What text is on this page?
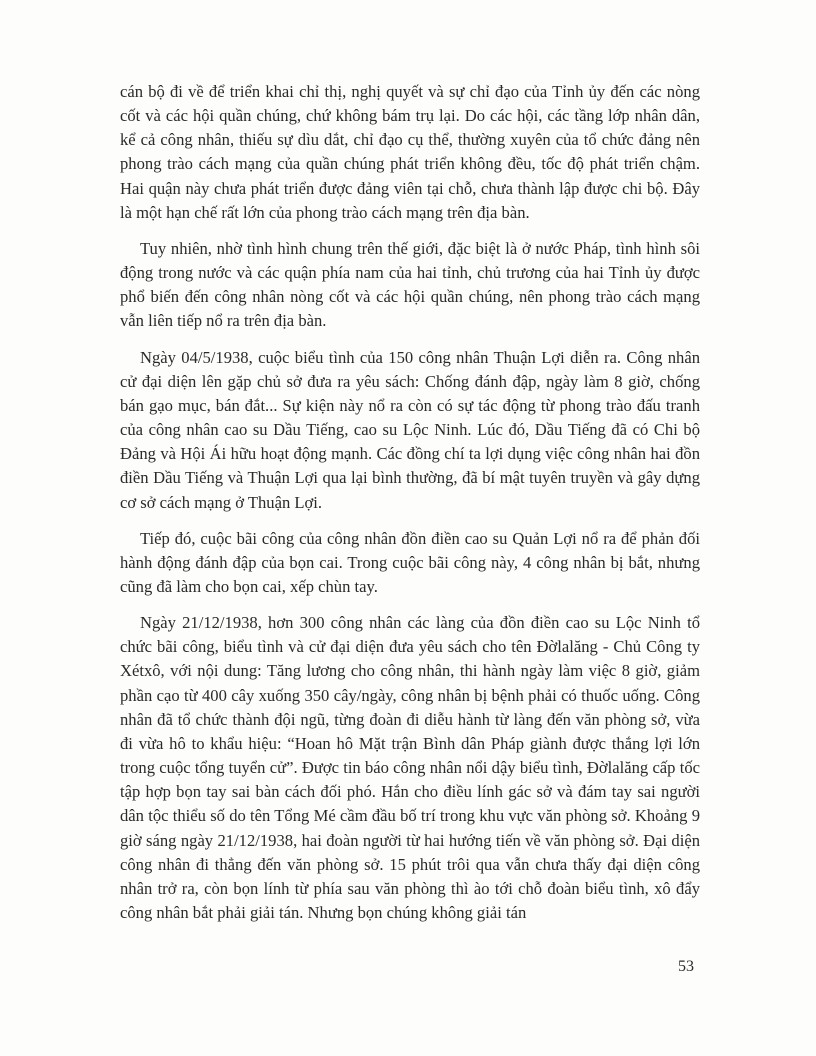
cán bộ đi về để triển khai chỉ thị, nghị quyết và sự chỉ đạo của Tỉnh ủy đến các nòng cốt và các hội quần chúng, chứ không bám trụ lại. Do các hội, các tầng lớp nhân dân, kể cả công nhân, thiếu sự dìu dắt, chỉ đạo cụ thể, thường xuyên của tổ chức đảng nên phong trào cách mạng của quần chúng phát triển không đều, tốc độ phát triển chậm. Hai quận này chưa phát triển được đảng viên tại chỗ, chưa thành lập được chi bộ. Đây là một hạn chế rất lớn của phong trào cách mạng trên địa bàn.

Tuy nhiên, nhờ tình hình chung trên thế giới, đặc biệt là ở nước Pháp, tình hình sôi động trong nước và các quận phía nam của hai tỉnh, chủ trương của hai Tỉnh ủy được phổ biến đến công nhân nòng cốt và các hội quần chúng, nên phong trào cách mạng vẫn liên tiếp nổ ra trên địa bàn.

Ngày 04/5/1938, cuộc biểu tình của 150 công nhân Thuận Lợi diễn ra. Công nhân cử đại diện lên gặp chủ sở đưa ra yêu sách: Chống đánh đập, ngày làm 8 giờ, chống bán gạo mục, bán đắt... Sự kiện này nổ ra còn có sự tác động từ phong trào đấu tranh của công nhân cao su Dầu Tiếng, cao su Lộc Ninh. Lúc đó, Dầu Tiếng đã có Chi bộ Đảng và Hội Ái hữu hoạt động mạnh. Các đồng chí ta lợi dụng việc công nhân hai đồn điền Dầu Tiếng và Thuận Lợi qua lại bình thường, đã bí mật tuyên truyền và gây dựng cơ sở cách mạng ở Thuận Lợi.

Tiếp đó, cuộc bãi công của công nhân đồn điền cao su Quản Lợi nổ ra để phản đối hành động đánh đập của bọn cai. Trong cuộc bãi công này, 4 công nhân bị bắt, nhưng cũng đã làm cho bọn cai, xếp chùn tay.

Ngày 21/12/1938, hơn 300 công nhân các làng của đồn điền cao su Lộc Ninh tổ chức bãi công, biểu tình và cử đại diện đưa yêu sách cho tên Đờlalăng - Chủ Công ty Xétxô, với nội dung: Tăng lương cho công nhân, thi hành ngày làm việc 8 giờ, giảm phần cạo từ 400 cây xuống 350 cây/ngày, công nhân bị bệnh phải có thuốc uống. Công nhân đã tổ chức thành đội ngũ, từng đoàn đi diễu hành từ làng đến văn phòng sở, vừa đi vừa hô to khẩu hiệu: “Hoan hô Mặt trận Bình dân Pháp giành được thắng lợi lớn trong cuộc tổng tuyển cử”. Được tin báo công nhân nổi dậy biểu tình, Đờlalăng cấp tốc tập hợp bọn tay sai bàn cách đối phó. Hắn cho điều lính gác sở và đám tay sai người dân tộc thiểu số do tên Tổng Mé cầm đầu bố trí trong khu vực văn phòng sở. Khoảng 9 giờ sáng ngày 21/12/1938, hai đoàn người từ hai hướng tiến về văn phòng sở. Đại diện công nhân đi thẳng đến văn phòng sở. 15 phút trôi qua vẫn chưa thấy đại diện công nhân trở ra, còn bọn lính từ phía sau văn phòng thì ào tới chỗ đoàn biểu tình, xô đẩy công nhân bắt phải giải tán. Nhưng bọn chúng không giải tán

53
